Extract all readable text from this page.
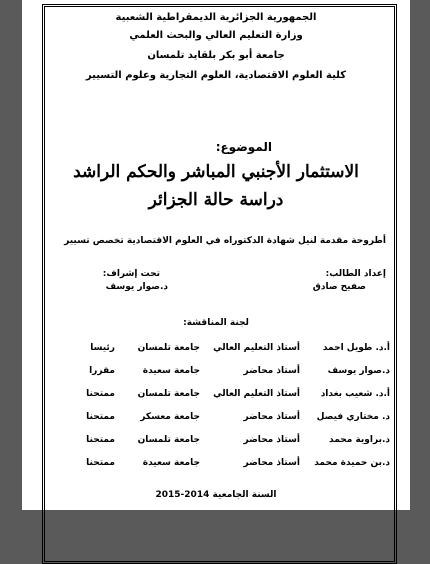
الجمهورية الجزائرية الديمقراطية الشعبية
وزارة التعليم العالي والبحث العلمي
جامعة أبو بكر بلقايد تلمسان
كلية العلوم الاقتصادية، العلوم التجارية وعلوم التسيير
الموضوع:
الاستثمار الأجنبي المباشر والحكم الراشد
دراسة حالة الجزائر
أطروحة مقدمة لنيل شهادة الدكتوراه في العلوم الاقتصادية تخصص تسيير
إعداد الطالب:
صفيح صادق
تحت إشراف:
د.صوار يوسف
لجنة المناقشة:
أ.د. طويل احمد
أستاذ التعليم العالي
جامعة تلمسان
رئيسا
د.صوار يوسف
أستاذ محاضر
جامعة سعيدة
مقررا
أ.د. شعيب بغداد
أستاذ التعليم العالي
جامعة تلمسان
ممتحنا
د. مختاري فيصل
أستاذ محاضر
جامعة معسكر
ممتحنا
د.براوية محمد
أستاذ محاضر
جامعة تلمسان
ممتحنا
د.بن حميدة محمد
أستاذ محاضر
جامعة سعيدة
ممتحنا
السنة الجامعية 2014-2015
